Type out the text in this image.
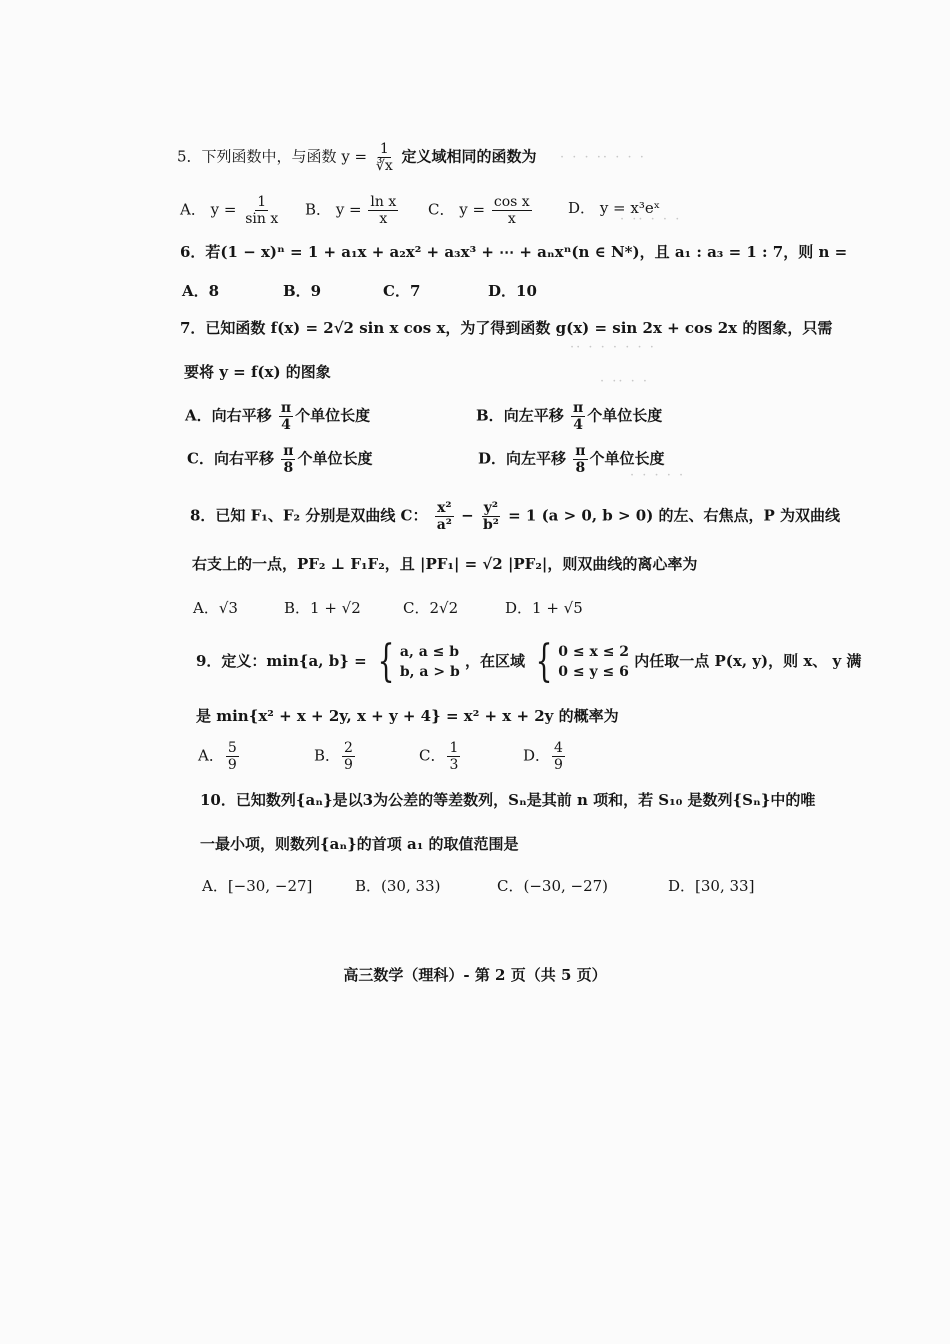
· · · ·· · · ·
· ·· · · ·
·· · · · · · ·
· ·· · ·
· · · · ·
5．下列函数中，与函数 $y = \frac{1}{∛x}$ 定义域相同的函数为
A． $y = \frac{1}{\text{sin x}}$ B． $y = \frac{\text{ln x}}{x}$ C． $y = \frac{\text{cos x}}{x}$ D． y = x³eˣ
6．若(1 − x)ⁿ = 1 + a₁x + a₂x² + a₃x³ + ⋯ + aₙxⁿ(n ∈ N*)，且 a₁ : a₃ = 1 : 7，则 n =
A．8	B．9	C．7	D．10
7．已知函数 f(x) = 2√2 sin x cos x，为了得到函数 g(x) = sin 2x + cos 2x 的图象，只需
要将 y = f(x) 的图象
A．向右平移 $\frac{\pi}{4}$ 个单位长度	B．向左平移 $\frac{\pi}{4}$ 个单位长度
C．向右平移 $\frac{\pi}{8}$ 个单位长度	D．向左平移 $\frac{\pi}{8}$ 个单位长度
8．已知 F₁、F₂ 分别是双曲线 C： $\frac{\text{x²}}{\text{a²}} - \frac{\text{y²}}{\text{b²}} = 1$ (a > 0, b > 0) 的左、右焦点，P 为双曲线
右支上的一点，PF₂ ⊥ F₁F₂，且 |PF₁| = √2 |PF₂|，则双曲线的离心率为
A．√3	B．1 + √2	C．2√2	D．1 + √5
9．定义：min{a, b} = { a, a ≤ b
b, a > b
，在区域 { 0 ≤ x ≤ 2
0 ≤ y ≤ 6
内任取一点 P(x, y)，则 x、 y 满
是 min{x² + x + 2y, x + y + 4} = x² + x + 2y 的概率为
A． $\frac{5}{9}$	B． $\frac{2}{9}$	C． $\frac{1}{3}$	D． $\frac{4}{9}$
10．已知数列{aₙ}是以3为公差的等差数列，Sₙ是其前 n 项和，若 S₁₀ 是数列{Sₙ}中的唯
一最小项，则数列{aₙ}的首项 a₁ 的取值范围是
A．[−30, −27]	B．(30, 33)	C．(−30, −27)	D．[30, 33]
高三数学（理科）- 第 2 页（共 5 页）
